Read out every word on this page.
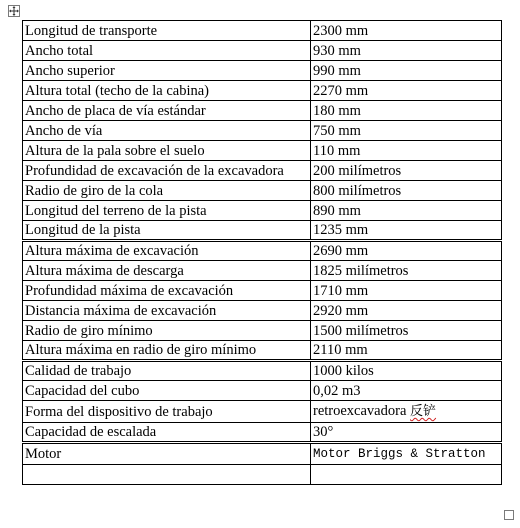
Longitud de transporte	2300 mm
Ancho total	930 mm
Ancho superior	990 mm
Altura total (techo de la cabina)	2270 mm
Ancho de placa de vía estándar	180 mm
Ancho de vía	750 mm
Altura de la pala sobre el suelo	110 mm
Profundidad de excavación de la excavadora	200 milímetros
Radio de giro de la cola	800 milímetros
Longitud del terreno de la pista	890 mm
Longitud de la pista	1235 mm
Altura máxima de excavación	2690 mm
Altura máxima de descarga	1825 milímetros
Profundidad máxima de excavación	1710 mm
Distancia máxima de excavación	2920 mm
Radio de giro mínimo	1500 milímetros
Altura máxima en radio de giro mínimo	2110 mm
Calidad de trabajo	1000 kilos
Capacidad del cubo	0,02 m3
Forma del dispositivo de trabajo	retroexcavadora 反铲
Capacidad de escalada	30°
Motor	Motor Briggs & Stratton
